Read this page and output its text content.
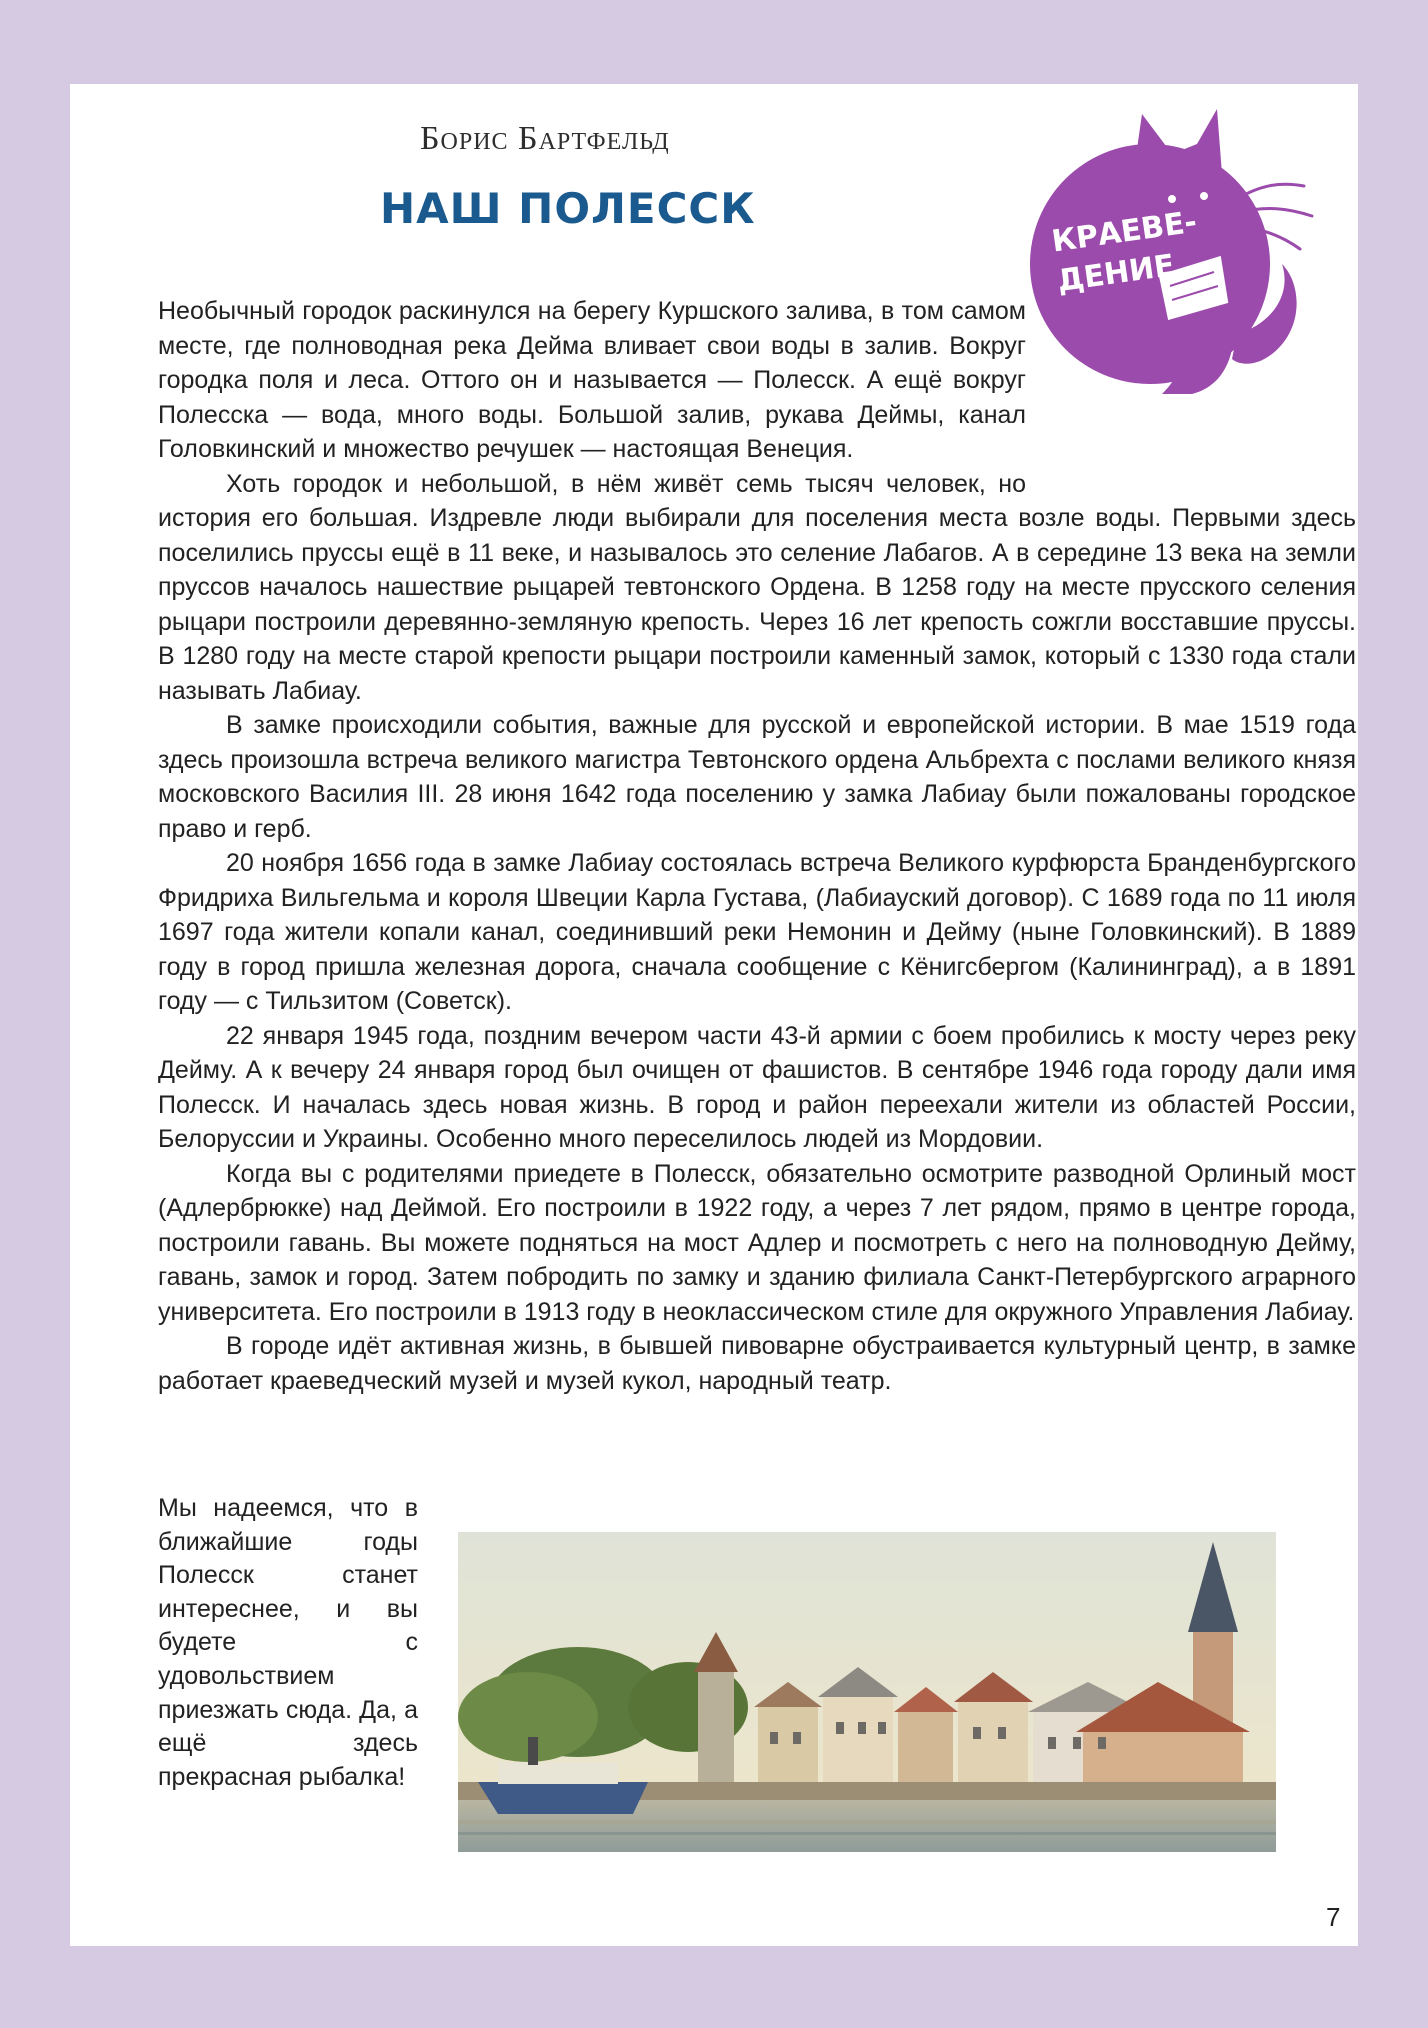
Борис Бартфельд
НАШ ПОЛЕССК	КРАЕВЕ-
ДЕНИЕ

Необычный городок раскинулся на берегу Куршского залива, в том самом месте, где полноводная река Дейма вливает свои воды в залив. Вокруг городка поля и леса. Оттого он и называется — Полесск. А ещё вокруг Полесска — вода, много воды. Большой залив, рукава Деймы, канал Головкинский и множество речушек — настоящая Венеция.

Хоть городок и небольшой, в нём живёт семь тысяч человек, но история его большая. Издревле люди выбирали для поселения места возле воды. Первыми здесь поселились пруссы ещё в 11 веке, и называлось это селение Лабагов. А в середине 13 века на земли пруссов началось нашествие рыцарей тевтонского Ордена. В 1258 году на месте прусского селения рыцари построили деревянно-земляную крепость. Через 16 лет крепость сожгли восставшие пруссы. В 1280 году на месте старой крепости рыцари построили каменный замок, который с 1330 года стали называть Лабиау.

В замке происходили события, важные для русской и европейской истории. В мае 1519 года здесь произошла встреча великого магистра Тевтонского ордена Альбрехта с послами великого князя московского Василия III. 28 июня 1642 года поселению у замка Лабиау были пожалованы городское право и герб.

20 ноября 1656 года в замке Лабиау состоялась встреча Великого курфюрста Бранденбургского Фридриха Вильгельма и короля Швеции Карла Густава, (Лабиауский договор). С 1689 года по 11 июля 1697 года жители копали канал, соединивший реки Немонин и Дейму (ныне Головкинский). В 1889 году в город пришла железная дорога, сначала сообщение с Кёнигсбергом (Калининград), а в 1891 году — с Тильзитом (Советск).

22 января 1945 года, поздним вечером части 43-й армии с боем пробились к мосту через реку Дейму. А к вечеру 24 января город был очищен от фашистов. В сентябре 1946 года городу дали имя Полесск. И началась здесь новая жизнь. В город и район переехали жители из областей России, Белоруссии и Украины. Особенно много переселилось людей из Мордовии.

Когда вы с родителями приедете в Полесск, обязательно осмотрите разводной Орлиный мост (Адлербрюкке) над Деймой. Его построили в 1922 году, а через 7 лет рядом, прямо в центре города, построили гавань. Вы можете подняться на мост Адлер и посмотреть с него на полноводную Дейму, гавань, замок и город. Затем побродить по замку и зданию филиала Санкт-Петербургского аграрного университета. Его построили в 1913 году в неоклассическом стиле для окружного Управления Лабиау.

В городе идёт активная жизнь, в бывшей пивоварне обустраивается культурный центр, в замке работает краеведческий музей и музей кукол, народный театр.

Мы надеемся, что в ближайшие годы Полесск станет интереснее, и вы будете с удовольствием приезжать сюда. Да, а ещё здесь прекрасная рыбалка!
7
